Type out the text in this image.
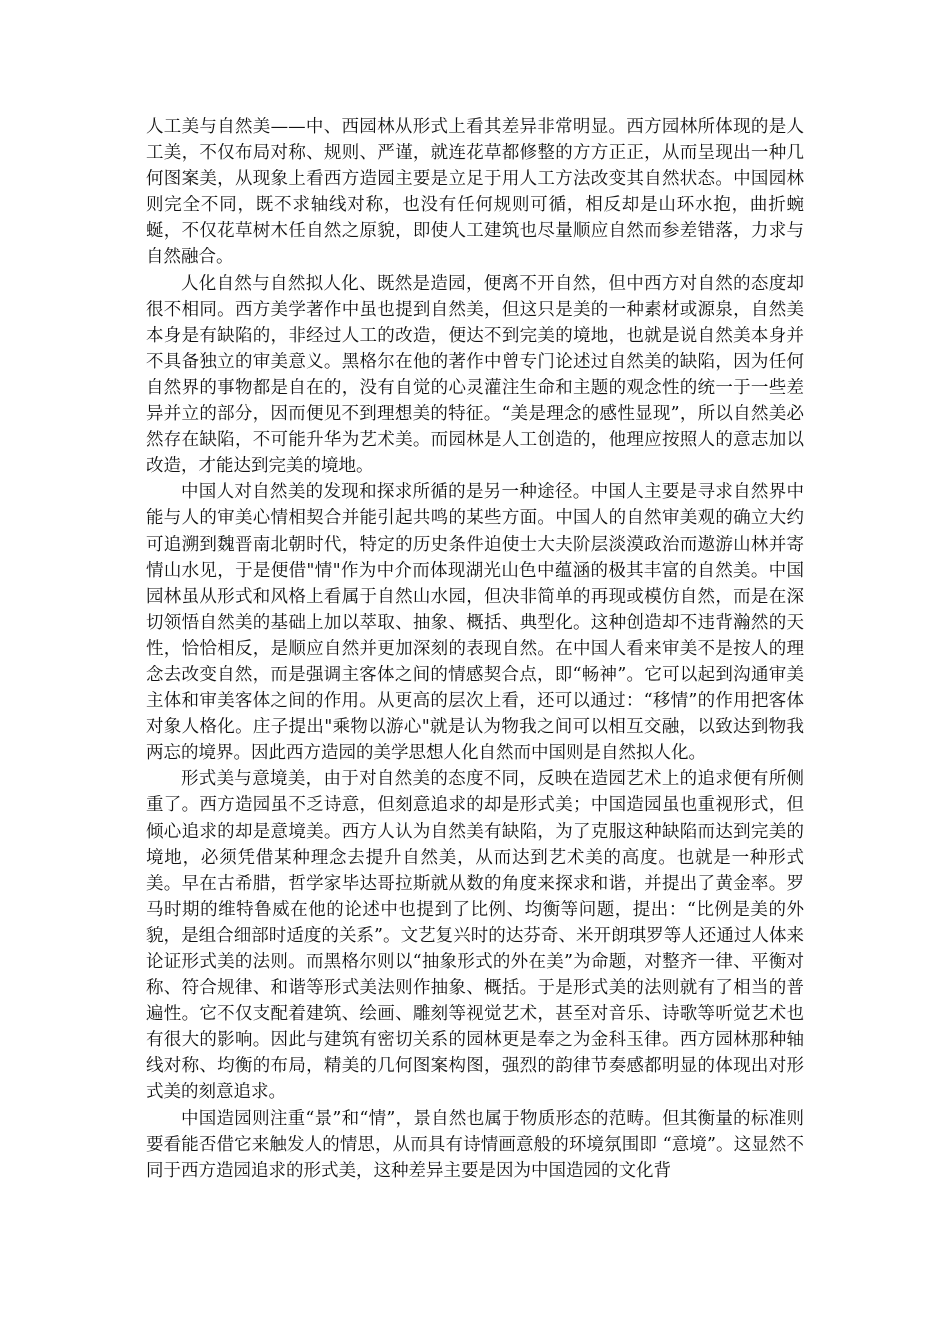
人工美与自然美——中、西园林从形式上看其差异非常明显。西方园林所体现的是人工美，不仅布局对称、规则、严谨，就连花草都修整的方方正正，从而呈现出一种几何图案美，从现象上看西方造园主要是立足于用人工方法改变其自然状态。中国园林则完全不同，既不求轴线对称，也没有任何规则可循，相反却是山环水抱，曲折蜿蜒，不仅花草树木任自然之原貌，即使人工建筑也尽量顺应自然而参差错落，力求与自然融合。

人化自然与自然拟人化、既然是造园，便离不开自然，但中西方对自然的态度却很不相同。西方美学著作中虽也提到自然美，但这只是美的一种素材或源泉，自然美本身是有缺陷的，非经过人工的改造，便达不到完美的境地，也就是说自然美本身并不具备独立的审美意义。黑格尔在他的著作中曾专门论述过自然美的缺陷，因为任何自然界的事物都是自在的，没有自觉的心灵灌注生命和主题的观念性的统一于一些差异并立的部分，因而便见不到理想美的特征。“美是理念的感性显现”，所以自然美必然存在缺陷，不可能升华为艺术美。而园林是人工创造的，他理应按照人的意志加以改造，才能达到完美的境地。

中国人对自然美的发现和探求所循的是另一种途径。中国人主要是寻求自然界中能与人的审美心情相契合并能引起共鸣的某些方面。中国人的自然审美观的确立大约可追溯到魏晋南北朝时代，特定的历史条件迫使士大夫阶层淡漠政治而遨游山林并寄情山水见，于是便借"情"作为中介而体现湖光山色中蕴涵的极其丰富的自然美。中国园林虽从形式和风格上看属于自然山水园，但决非简单的再现或模仿自然，而是在深切领悟自然美的基础上加以萃取、抽象、概括、典型化。这种创造却不违背瀚然的天性，恰恰相反，是顺应自然并更加深刻的表现自然。在中国人看来审美不是按人的理念去改变自然，而是强调主客体之间的情感契合点，即“畅神”。它可以起到沟通审美主体和审美客体之间的作用。从更高的层次上看，还可以通过：“移情”的作用把客体对象人格化。庄子提出"乘物以游心"就是认为物我之间可以相互交融，以致达到物我两忘的境界。因此西方造园的美学思想人化自然而中国则是自然拟人化。

形式美与意境美，由于对自然美的态度不同，反映在造园艺术上的追求便有所侧重了。西方造园虽不乏诗意，但刻意追求的却是形式美；中国造园虽也重视形式，但倾心追求的却是意境美。西方人认为自然美有缺陷，为了克服这种缺陷而达到完美的境地，必须凭借某种理念去提升自然美，从而达到艺术美的高度。也就是一种形式美。早在古希腊，哲学家毕达哥拉斯就从数的角度来探求和谐，并提出了黄金率。罗马时期的维特鲁威在他的论述中也提到了比例、均衡等问题，提出：“比例是美的外貌，是组合细部时适度的关系”。文艺复兴时的达芬奇、米开朗琪罗等人还通过人体来论证形式美的法则。而黑格尔则以“抽象形式的外在美”为命题，对整齐一律、平衡对称、符合规律、和谐等形式美法则作抽象、概括。于是形式美的法则就有了相当的普遍性。它不仅支配着建筑、绘画、雕刻等视觉艺术，甚至对音乐、诗歌等听觉艺术也有很大的影响。因此与建筑有密切关系的园林更是奉之为金科玉律。西方园林那种轴线对称、均衡的布局，精美的几何图案构图，强烈的韵律节奏感都明显的体现出对形式美的刻意追求。

中国造园则注重“景”和“情”，景自然也属于物质形态的范畴。但其衡量的标准则要看能否借它来触发人的情思，从而具有诗情画意般的环境氛围即 “意境”。这显然不同于西方造园追求的形式美，这种差异主要是因为中国造园的文化背
